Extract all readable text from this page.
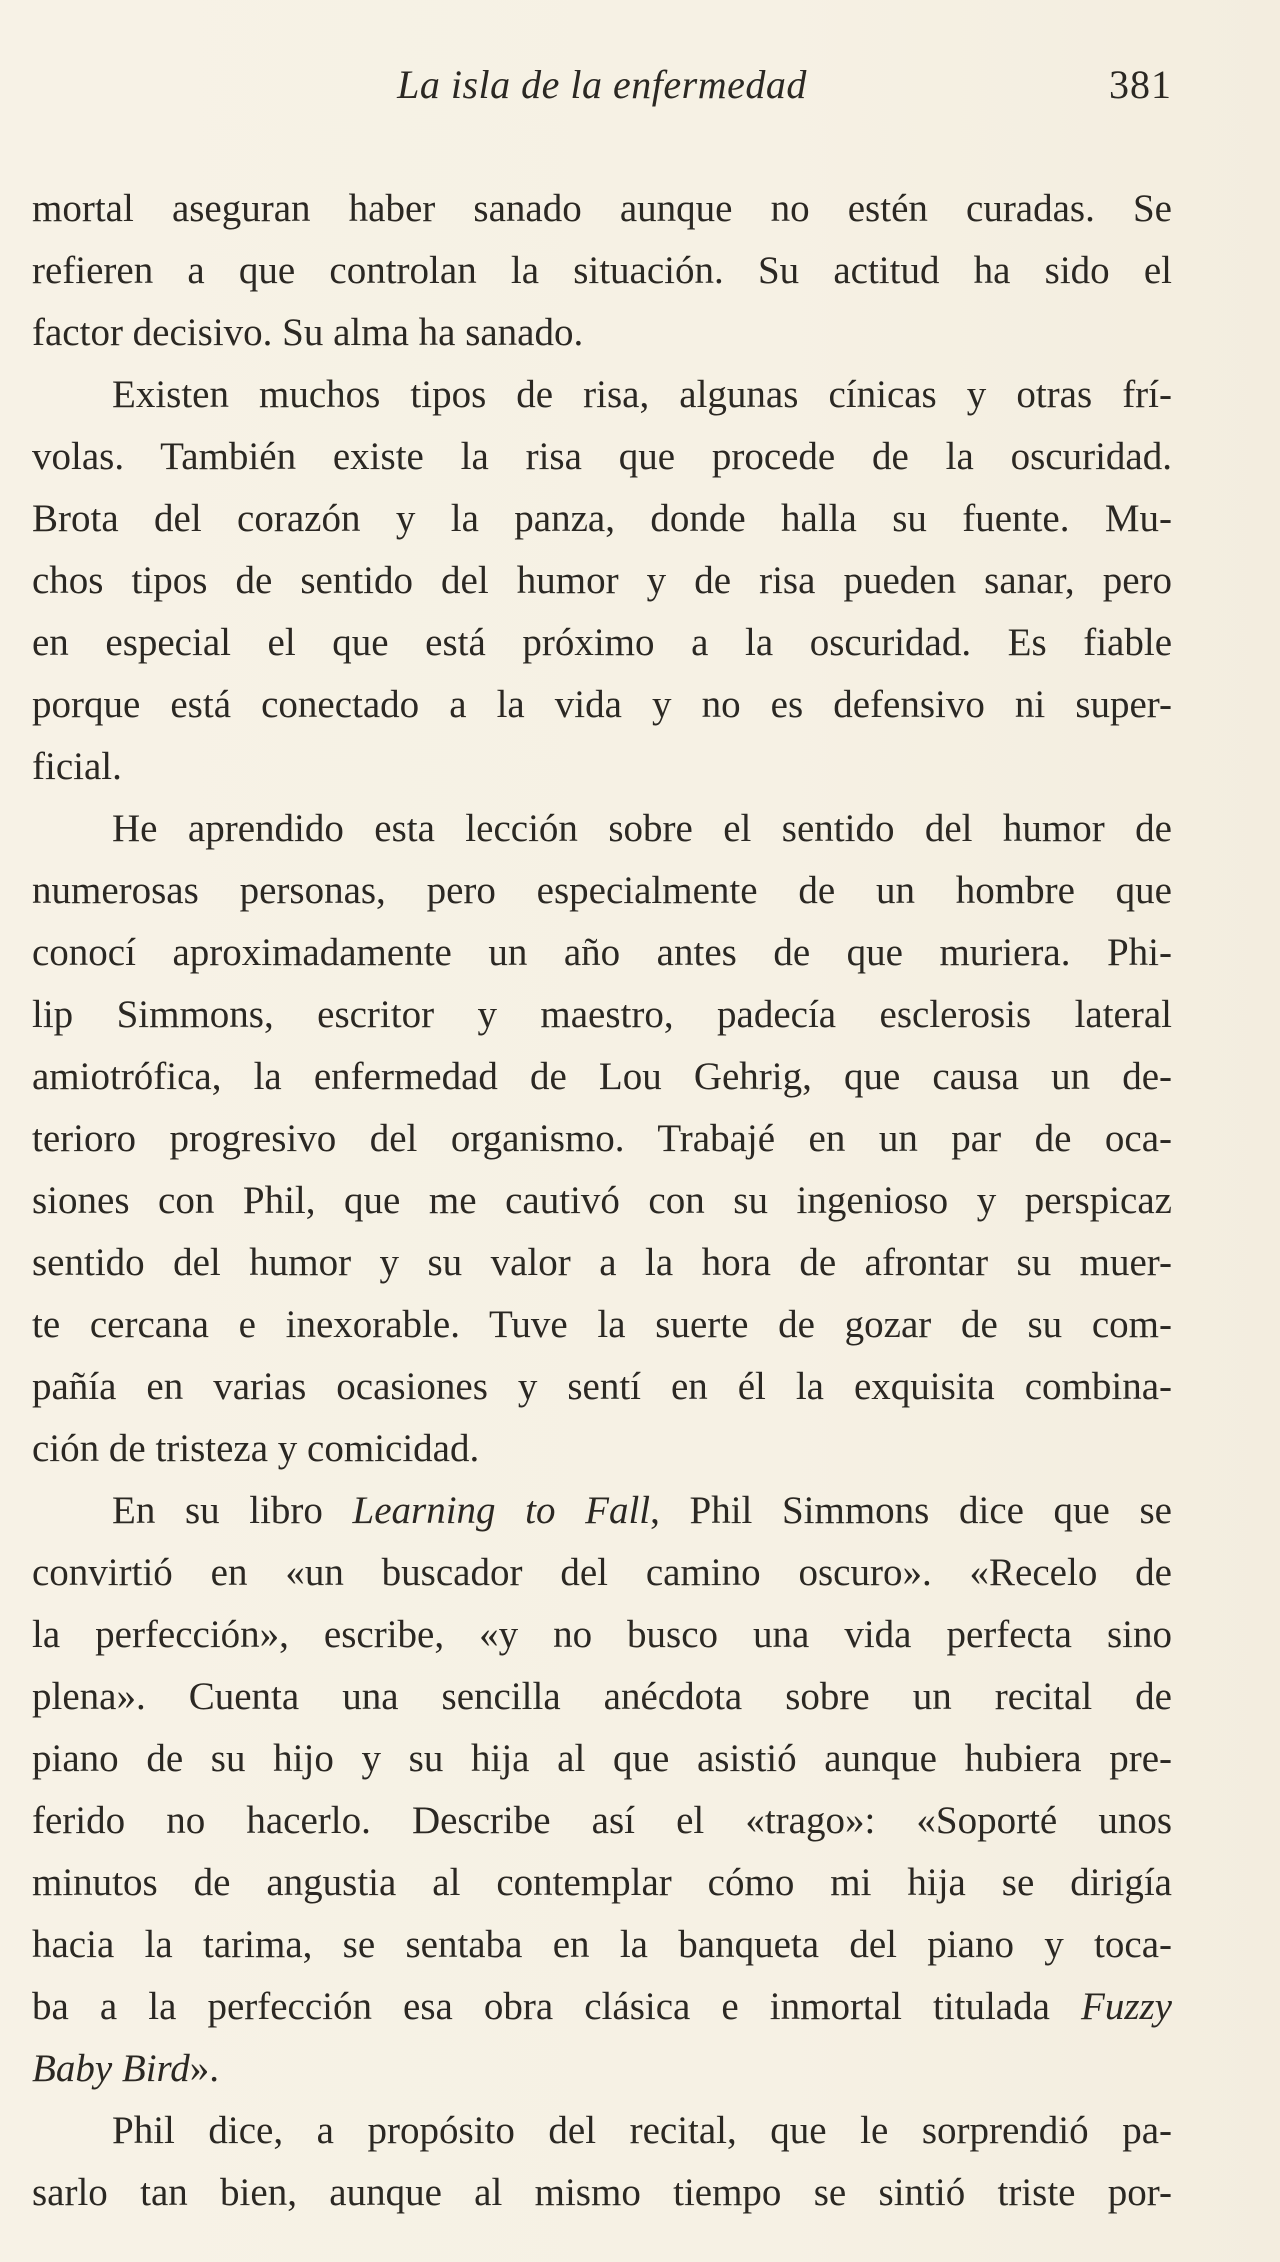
La isla de la enfermedad	381
mortal aseguran haber sanado aunque no estén curadas. Se
refieren a que controlan la situación. Su actitud ha sido el
factor decisivo. Su alma ha sanado.
Existen muchos tipos de risa, algunas cínicas y otras frí-
volas. También existe la risa que procede de la oscuridad.
Brota del corazón y la panza, donde halla su fuente. Mu-
chos tipos de sentido del humor y de risa pueden sanar, pero
en especial el que está próximo a la oscuridad. Es fiable
porque está conectado a la vida y no es defensivo ni super-
ficial.
He aprendido esta lección sobre el sentido del humor de
numerosas personas, pero especialmente de un hombre que
conocí aproximadamente un año antes de que muriera. Phi-
lip Simmons, escritor y maestro, padecía esclerosis lateral
amiotrófica, la enfermedad de Lou Gehrig, que causa un de-
terioro progresivo del organismo. Trabajé en un par de oca-
siones con Phil, que me cautivó con su ingenioso y perspicaz
sentido del humor y su valor a la hora de afrontar su muer-
te cercana e inexorable. Tuve la suerte de gozar de su com-
pañía en varias ocasiones y sentí en él la exquisita combina-
ción de tristeza y comicidad.
En su libro Learning to Fall, Phil Simmons dice que se
convirtió en «un buscador del camino oscuro». «Recelo de
la perfección», escribe, «y no busco una vida perfecta sino
plena». Cuenta una sencilla anécdota sobre un recital de
piano de su hijo y su hija al que asistió aunque hubiera pre-
ferido no hacerlo. Describe así el «trago»: «Soporté unos
minutos de angustia al contemplar cómo mi hija se dirigía
hacia la tarima, se sentaba en la banqueta del piano y toca-
ba a la perfección esa obra clásica e inmortal titulada Fuzzy
Baby Bird».
Phil dice, a propósito del recital, que le sorprendió pa-
sarlo tan bien, aunque al mismo tiempo se sintió triste por-
